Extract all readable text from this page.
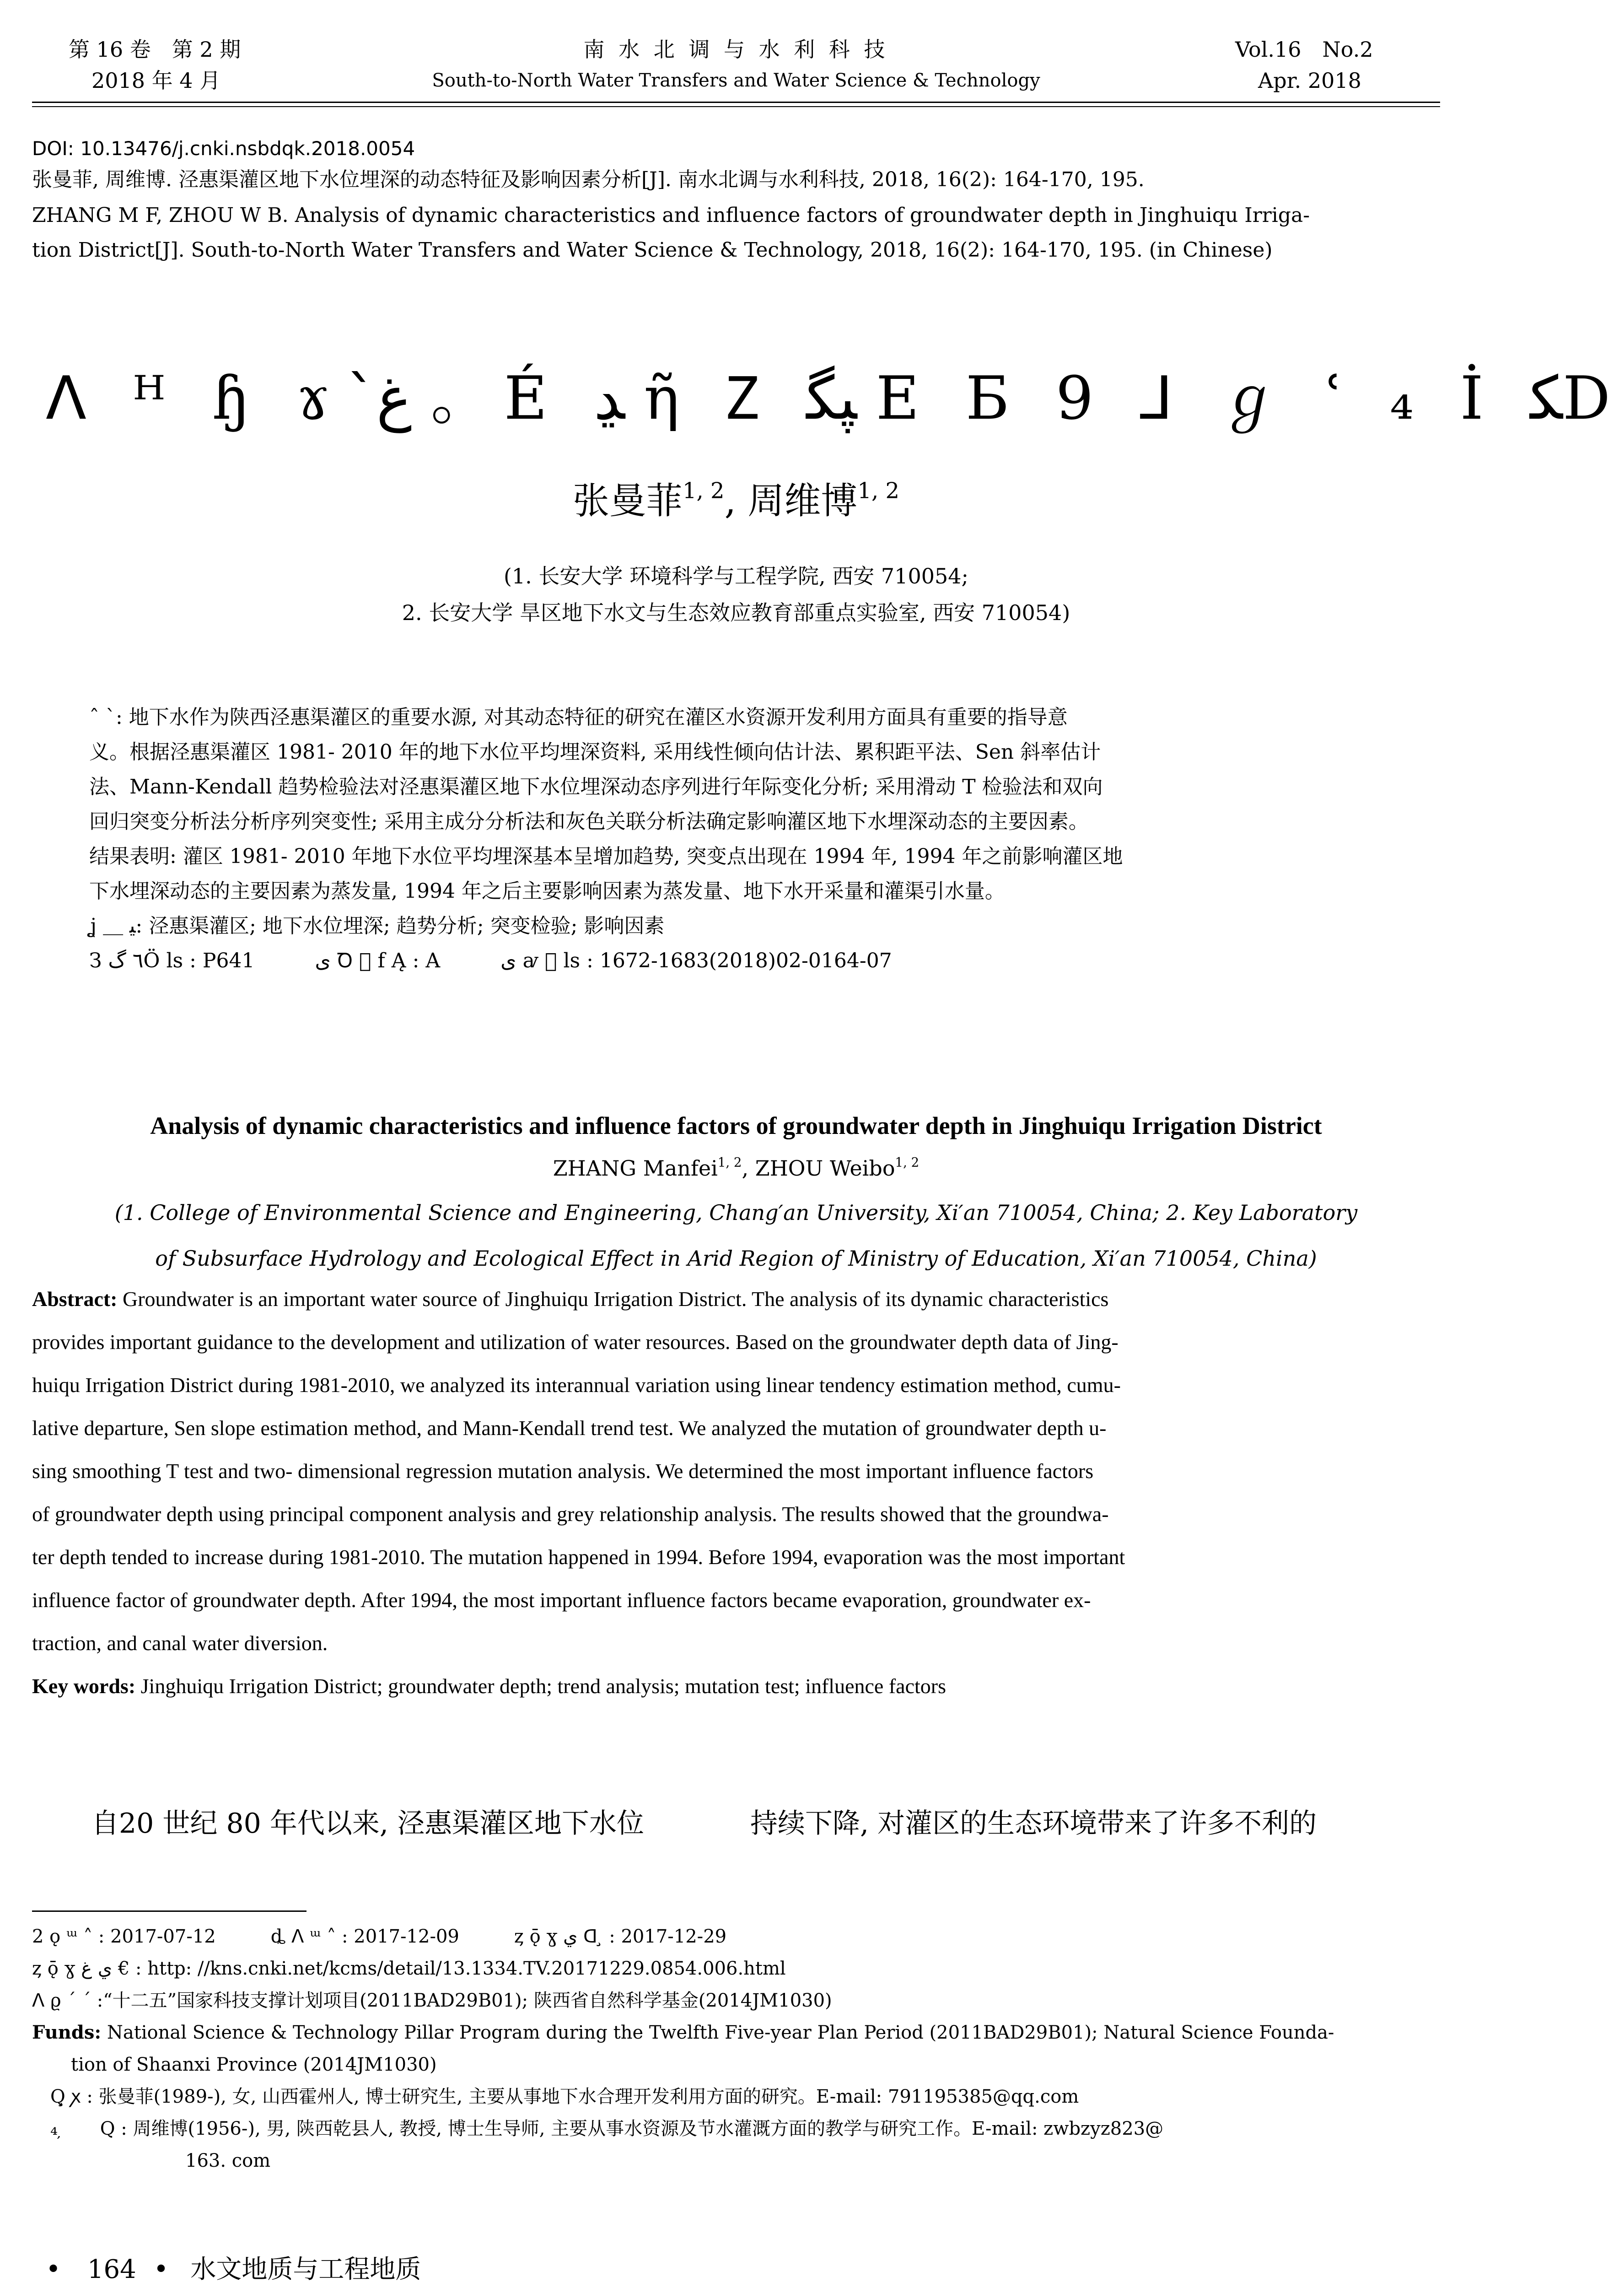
第 16 卷　第 2 期
2018 年 4 月
南 水 北 调 与 水 利 科 技
South-to-North Water Transfers and Water Science & Technology
Vol.16　No.2
Apr. 2018
DOI: 10.13476/j.cnki.nsbdqk.2018.0054
张曼菲, 周维博. 泾惠渠灌区地下水位埋深的动态特征及影响因素分析[J]. 南水北调与水利科技, 2018, 16(2): 164-170, 195.
ZHANG M F, ZHOU W B. Analysis of dynamic characteristics and influence factors of groundwater depth in Jinghuiqu Irriga-
tion District[J]. South-to-North Water Transfers and Water Science & Technology, 2018, 16(2): 164-170, 195. (in Chinese)
ᐱ ᴴ ɧ ɤ ﻍ̀ 。É ﮃ ῆ Ⴭ ﭙﮕ Ε Б 9 ⅃ ℊ ʿ ₄ İ ﮑD
张曼菲$^{1, 2}$, 周维博$^{1, 2}$
(1. 长安大学 环境科学与工程学院, 西安 710054;
2. 长安大学 旱区地下水文与生态效应教育部重点实验室, 西安 710054)
ˆ ˋ: 地下水作为陕西泾惠渠灌区的重要水源, 对其动态特征的研究在灌区水资源开发利用方面具有重要的指导意
义。根据泾惠渠灌区 1981- 2010 年的地下水位平均埋深资料, 采用线性倾向估计法、累积距平法、Sen 斜率估计
法、Mann-Kendall 趋势检验法对泾惠渠灌区地下水位埋深动态序列进行年际变化分析; 采用滑动 T 检验法和双向
回归突变分析法分析序列突变性; 采用主成分分析法和灰色关联分析法确定影响灌区地下水埋深动态的主要因素。
结果表明: 灌区 1981- 2010 年地下水位平均埋深基本呈增加趋势, 突变点出现在 1994 年, 1994 年之前影响灌区地
下水埋深动态的主要因素为蒸发量, 1994 年之后主要影响因素为蒸发量、地下水开采量和灌渠引水量。
ʝ ＿ ﯿ: 泾惠渠灌区; 地下水位埋深; 趋势分析; 突变检验; 影响因素
З ٦ ﮒÖ ls : P641　　　ى Ꝺ ⃞ f Ą : A　　　ى ꜹ ⃞ ls : 1672-1683(2018)02-0164-07
Analysis of dynamic characteristics and influence factors of groundwater depth in Jinghuiqu Irrigation District
ZHANG Manfei$^{1, 2}$, ZHOU Weibo$^{1, 2}$
(1. College of Environmental Science and Engineering, Chang′an University, Xi′an 710054, China; 2. Key Laboratory
of Subsurface Hydrology and Ecological Effect in Arid Region of Ministry of Education, Xi′an 710054, China)
Abstract: Groundwater is an important water source of Jinghuiqu Irrigation District. The analysis of its dynamic characteristics
provides important guidance to the development and utilization of water resources. Based on the groundwater depth data of Jing-
huiqu Irrigation District during 1981-2010, we analyzed its interannual variation using linear tendency estimation method, cumu-
lative departure, Sen slope estimation method, and Mann-Kendall trend test. We analyzed the mutation of groundwater depth u-
sing smoothing T test and two- dimensional regression mutation analysis. We determined the most important influence factors
of groundwater depth using principal component analysis and grey relationship analysis. The results showed that the groundwa-
ter depth tended to increase during 1981-2010. The mutation happened in 1994. Before 1994, evaporation was the most important
influence factor of groundwater depth. After 1994, the most important influence factors became evaporation, groundwater ex-
traction, and canal water diversion.
Key words: Jinghuiqu Irrigation District; groundwater depth; trend analysis; mutation test; influence factors
自20 世纪 80 年代以来, 泾惠渠灌区地下水位	持续下降, 对灌区的生态环境带来了许多不利的
2 ǫ ᵚ ˄ : 2017-07-12　　　ȡ ᐱ ᵚ ˄ : 2017-12-09　　　ȥ ǭ ɣ ي ᗡ ̧ : 2017-12-29
ȥ ǭ ɣ ي ﻍ € : http: //kns.cnki.net/kcms/detail/13.1334.TV.20171229.0854.006.html
ᐱ ϱ ´ ΄ :“十二五”国家科技支撑计划项目(2011BAD29B01); 陕西省自然科学基金(2014JM1030)
Funds: National Science & Technology Pillar Program during the Twelfth Five-year Plan Period (2011BAD29B01); Natural Science Founda-
tion of Shaanxi Province (2014JM1030)
Q̧ ꭗ : 张曼菲(1989-), 女, 山西霍州人, 博士研究生, 主要从事地下水合理开发利用方面的研究。E-mail: 791195385@qq.com
₄ ̦　　Q : 周维博(1956-), 男, 陕西乾县人, 教授, 博士生导师, 主要从事水资源及节水灌溉方面的教学与研究工作。E-mail: zwbzyz823@
163. com
• 164 • 水文地质与工程地质
